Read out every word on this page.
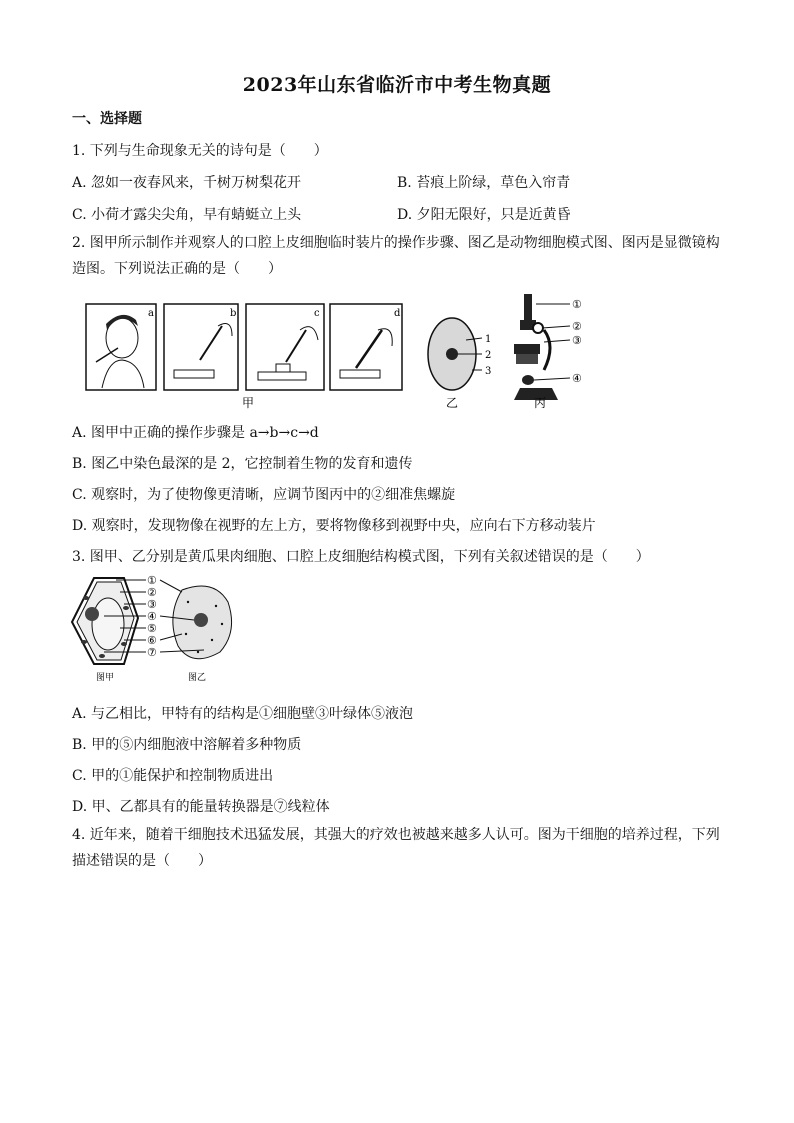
2023年山东省临沂市中考生物真题
一、选择题
1. 下列与生命现象无关的诗句是（　　）
A. 忽如一夜春风来，千树万树梨花开	B. 苔痕上阶绿，草色入帘青
C. 小荷才露尖尖角，早有蜻蜓立上头	D. 夕阳无限好，只是近黄昏
2. 图甲所示制作并观察人的口腔上皮细胞临时装片的操作步骤、图乙是动物细胞模式图、图丙是显微镜构造图。下列说法正确的是（　　）
a	b	c	d
甲
1
2
3
乙
①
②
③
④
丙
A. 图甲中正确的操作步骤是 a→b→c→d
B. 图乙中染色最深的是 2，它控制着生物的发育和遗传
C. 观察时，为了使物像更清晰，应调节图丙中的②细准焦螺旋
D. 观察时，发现物像在视野的左上方，要将物像移到视野中央，应向右下方移动装片
3. 图甲、乙分别是黄瓜果肉细胞、口腔上皮细胞结构模式图，下列有关叙述错误的是（　　）
①
②
③
④
⑤
⑥
⑦
图甲	图乙
A. 与乙相比，甲特有的结构是①细胞壁③叶绿体⑤液泡
B. 甲的⑤内细胞液中溶解着多种物质
C. 甲的①能保护和控制物质进出
D. 甲、乙都具有的能量转换器是⑦线粒体
4. 近年来，随着干细胞技术迅猛发展，其强大的疗效也被越来越多人认可。图为干细胞的培养过程，下列描述错误的是（　　）
